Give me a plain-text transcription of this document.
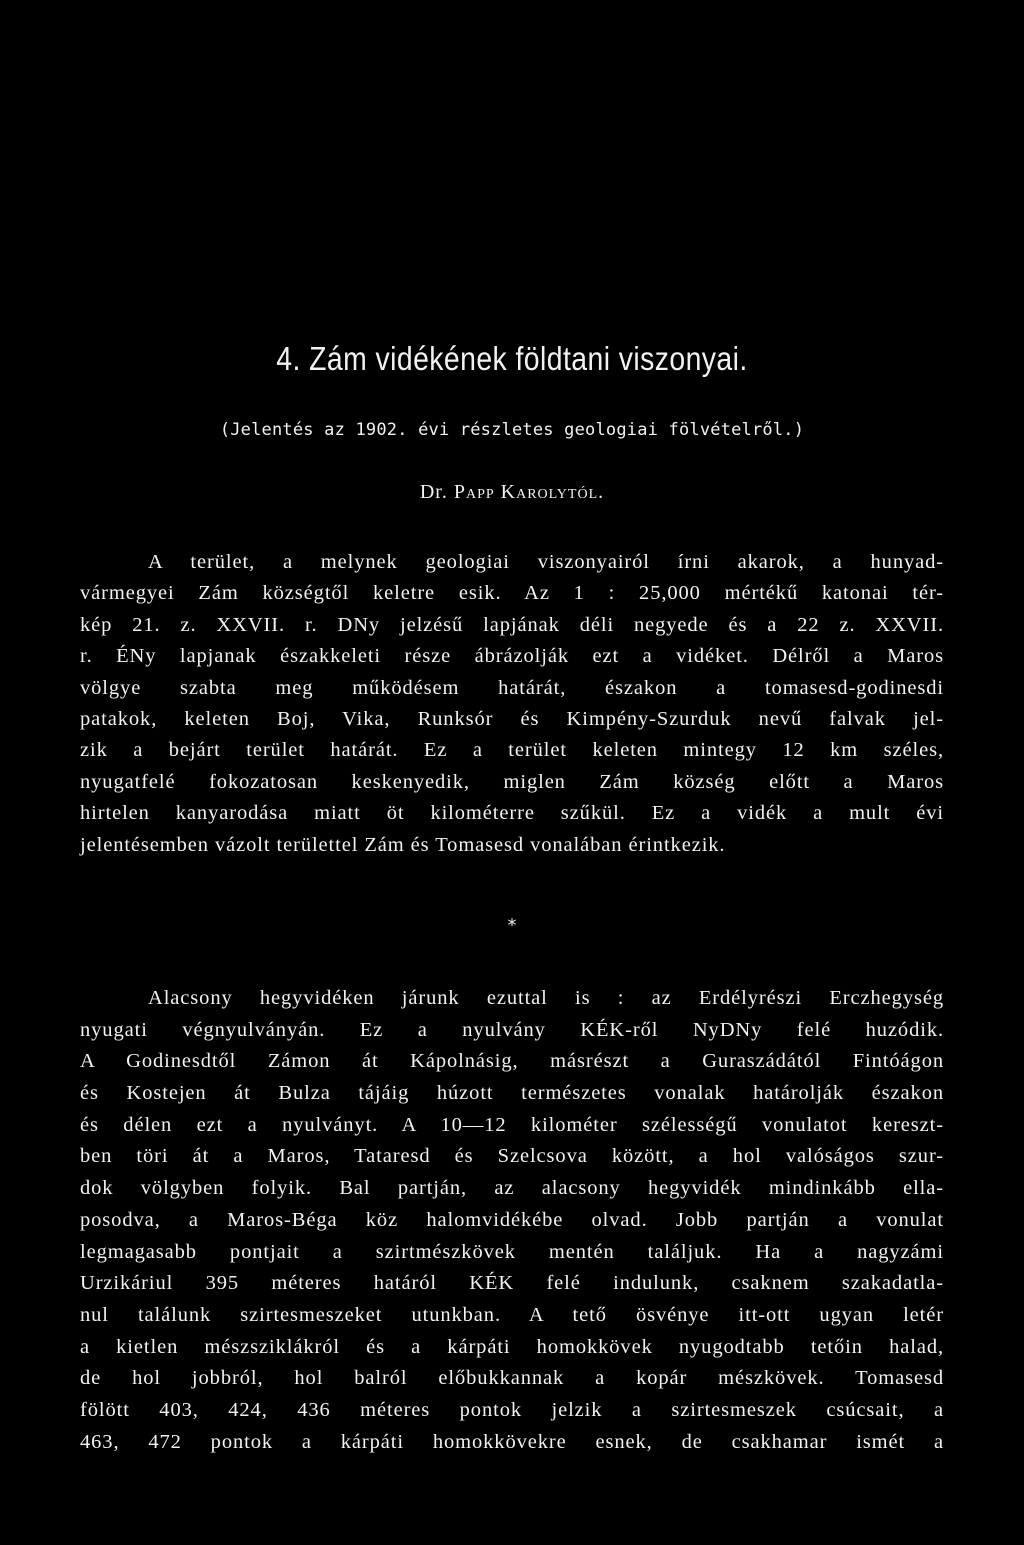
4. Zám vidékének földtani viszonyai.
(Jelentés az 1902. évi részletes geologiai fölvételről.)
Dr. Papp Karolytól.
A terület, a melynek geologiai viszonyairól írni akarok, a hunyad-
vármegyei Zám községtől keletre esik. Az 1 : 25,000 mértékű katonai tér-
kép 21. z. XXVII. r. DNy jelzésű lapjának déli negyede és a 22 z. XXVII.
r. ÉNy lapjanak északkeleti része ábrázolják ezt a vidéket. Délről a Maros
völgye szabta meg működésem határát, északon a tomasesd-godinesdi
patakok, keleten Boj, Vika, Runksór és Kimpény-Szurduk nevű falvak jel-
zik a bejárt terület határát. Ez a terület keleten mintegy 12 km széles,
nyugatfelé fokozatosan keskenyedik, miglen Zám község előtt a Maros
hirtelen kanyarodása miatt öt kilométerre szűkül. Ez a vidék a mult évi
jelentésemben vázolt területtel Zám és Tomasesd vonalában érintkezik.
*
Alacsony hegyvidéken járunk ezuttal is : az Erdélyrészi Erczhegység
nyugati végnyulványán. Ez a nyulvány KÉK-ről NyDNy felé huzódik.
A Godinesdtől Zámon át Kápolnásig, másrészt a Guraszádától Fintóágon
és Kostejen át Bulza tájáig húzott természetes vonalak határolják északon
és délen ezt a nyulványt. A 10—12 kilométer szélességű vonulatot kereszt-
ben töri át a Maros, Tataresd és Szelcsova között, a hol valóságos szur-
dok völgyben folyik. Bal partján, az alacsony hegyvidék mindinkább ella-
posodva, a Maros-Béga köz halomvidékébe olvad. Jobb partján a vonulat
legmagasabb pontjait a szirtmészkövek mentén találjuk. Ha a nagyzámi
Urzikáriul 395 méteres határól KÉK felé indulunk, csaknem szakadatla-
nul találunk szirtesmeszeket utunkban. A tető ösvénye itt-ott ugyan letér
a kietlen mészsziklákról és a kárpáti homokkövek nyugodtabb tetőin halad,
de hol jobbról, hol balról előbukkannak a kopár mészkövek. Tomasesd
fölött 403, 424, 436 méteres pontok jelzik a szirtesmeszek csúcsait, a
463, 472 pontok a kárpáti homokkövekre esnek, de csakhamar ismét a
